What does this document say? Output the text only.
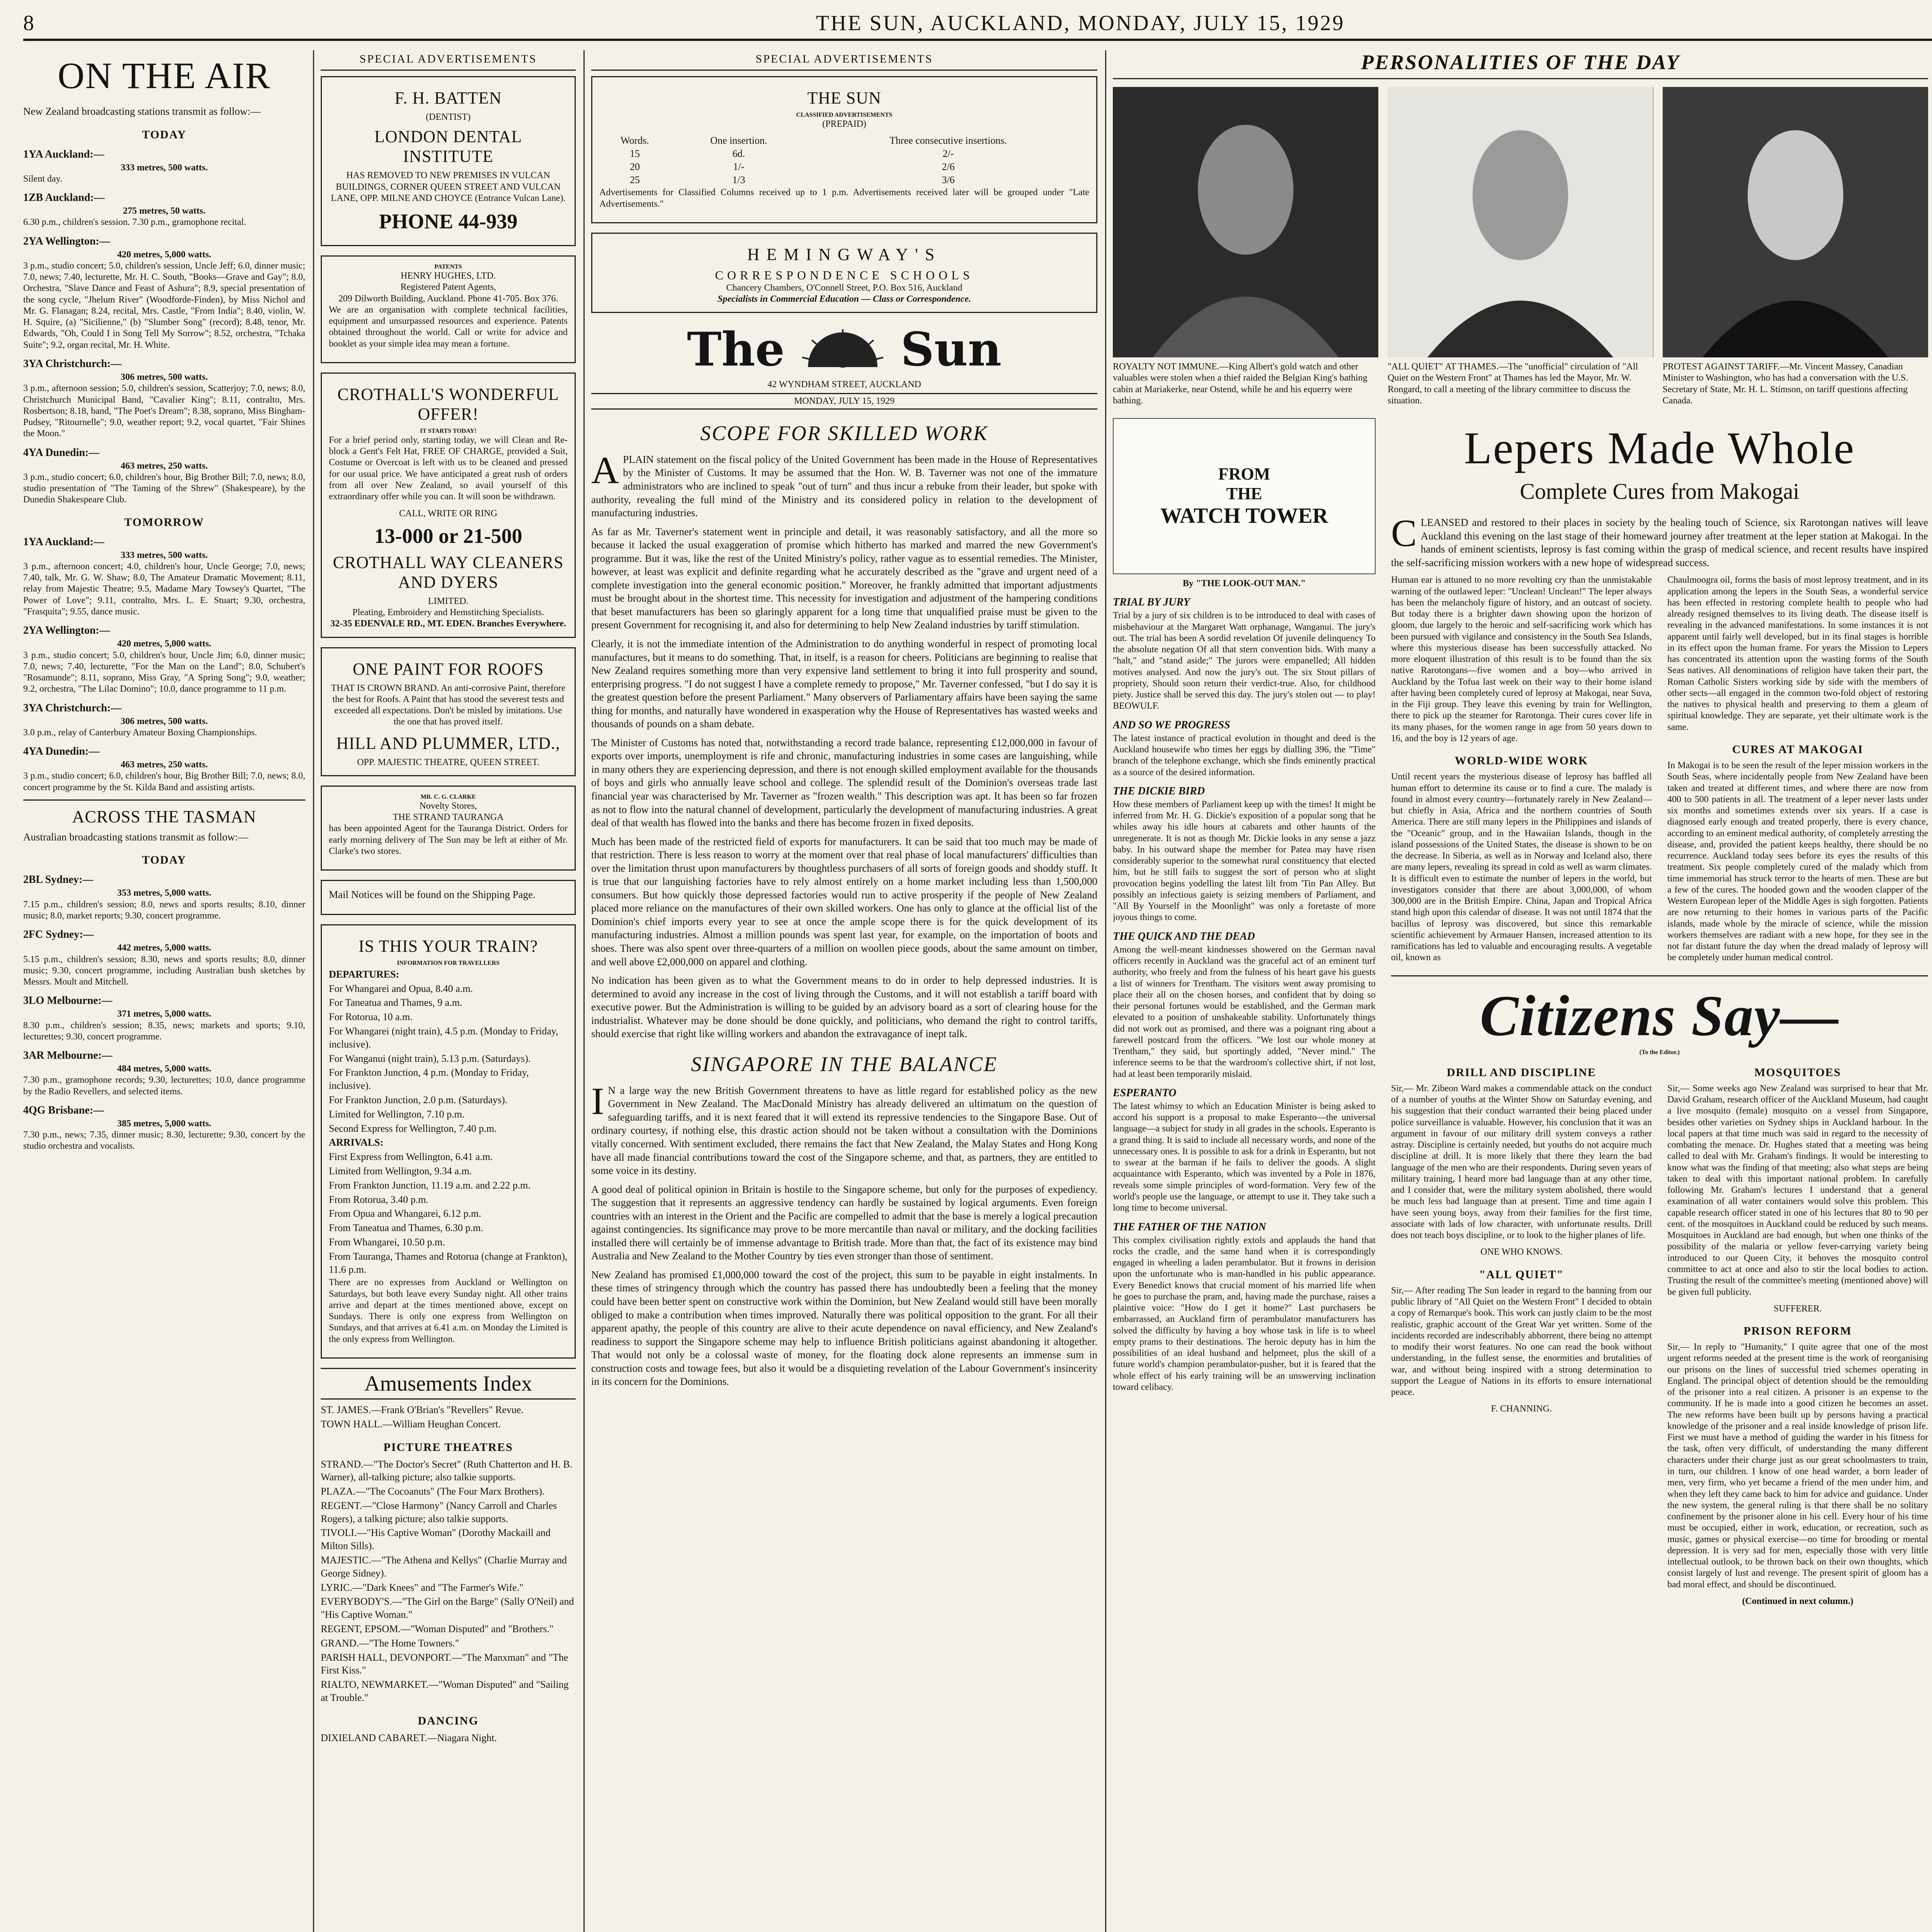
8	THE SUN, AUCKLAND, MONDAY, JULY 15, 1929
ON THE AIR
New Zealand broadcasting stations transmit as follow:—
TODAY
1YA Auckland:—
333 metres, 500 watts.
Silent day.
1ZB Auckland:—
275 metres, 50 watts.
6.30 p.m., children's session. 7.30 p.m., gramophone recital.
2YA Wellington:—
420 metres, 5,000 watts.
3 p.m., studio concert; 5.0, children's session, Uncle Jeff; 6.0, dinner music; 7.0, news; 7.40, lecturette, Mr. H. C. South, "Books—Grave and Gay"; 8.0, Orchestra, "Slave Dance and Feast of Ashura"; 8.9, special presentation of the song cycle, "Jhelum River" (Woodforde-Finden), by Miss Nichol and Mr. G. Flanagan; 8.24, recital, Mrs. Castle, "From India"; 8.40, violin, W. H. Squire, (a) "Sicilienne," (b) "Slumber Song" (record); 8.48, tenor, Mr. Edwards, "Oh, Could I in Song Tell My Sorrow"; 8.52, orchestra, "Tchaka Suite"; 9.2, organ recital, Mr. H. White.
3YA Christchurch:—
306 metres, 500 watts.
3 p.m., afternoon session; 5.0, children's session, Scatterjoy; 7.0, news; 8.0, Christchurch Municipal Band, "Cavalier King"; 8.11, contralto, Mrs. Rosbertson; 8.18, band, "The Poet's Dream"; 8.38, soprano, Miss Bingham-Pudsey, "Ritournelle"; 9.0, weather report; 9.2, vocal quartet, "Fair Shines the Moon."
4YA Dunedin:—
463 metres, 250 watts.
3 p.m., studio concert; 6.0, children's hour, Big Brother Bill; 7.0, news; 8.0, studio presentation of "The Taming of the Shrew" (Shakespeare), by the Dunedin Shakespeare Club.
TOMORROW
1YA Auckland:—
333 metres, 500 watts.
3 p.m., afternoon concert; 4.0, children's hour, Uncle George; 7.0, news; 7.40, talk, Mr. G. W. Shaw; 8.0, The Amateur Dramatic Movement; 8.11, relay from Majestic Theatre; 9.5, Madame Mary Towsey's Quartet, "The Power of Love"; 9.11, contralto, Mrs. L. E. Stuart; 9.30, orchestra, "Frasquita"; 9.55, dance music.
2YA Wellington:—
420 metres, 5,000 watts.
3 p.m., studio concert; 5.0, children's hour, Uncle Jim; 6.0, dinner music; 7.0, news; 7.40, lecturette, "For the Man on the Land"; 8.0, Schubert's "Rosamunde"; 8.11, soprano, Miss Gray, "A Spring Song"; 9.0, weather; 9.2, orchestra, "The Lilac Domino"; 10.0, dance programme to 11 p.m.
3YA Christchurch:—
306 metres, 500 watts.
3.0 p.m., relay of Canterbury Amateur Boxing Championships.
4YA Dunedin:—
463 metres, 250 watts.
3 p.m., studio concert; 6.0, children's hour, Big Brother Bill; 7.0, news; 8.0, concert programme by the St. Kilda Band and assisting artists.
ACROSS THE TASMAN
Australian broadcasting stations transmit as follow:—
TODAY
2BL Sydney:—
353 metres, 5,000 watts.
7.15 p.m., children's session; 8.0, news and sports results; 8.10, dinner music; 8.0, market reports; 9.30, concert programme.
2FC Sydney:—
442 metres, 5,000 watts.
5.15 p.m., children's session; 8.30, news and sports results; 8.0, dinner music; 9.30, concert programme, including Australian bush sketches by Messrs. Moult and Mitchell.
3LO Melbourne:—
371 metres, 5,000 watts.
8.30 p.m., children's session; 8.35, news; markets and sports; 9.10, lecturettes; 9.30, concert programme.
3AR Melbourne:—
484 metres, 5,000 watts.
7.30 p.m., gramophone records; 9.30, lecturettes; 10.0, dance programme by the Radio Revellers, and selected items.
4QG Brisbane:—
385 metres, 5,000 watts.
7.30 p.m., news; 7.35, dinner music; 8.30, lecturette; 9.30, concert by the studio orchestra and vocalists.
SPECIAL ADVERTISEMENTS
F. H. BATTEN
(DENTIST)
LONDON DENTAL INSTITUTE
HAS REMOVED TO NEW PREMISES IN VULCAN BUILDINGS, CORNER QUEEN STREET AND VULCAN LANE, OPP. MILNE AND CHOYCE (Entrance Vulcan Lane).
PHONE 44-939
PATENTS
HENRY HUGHES, LTD.
Registered Patent Agents,
209 Dilworth Building, Auckland. Phone 41-705. Box 376.
We are an organisation with complete technical facilities, equipment and unsurpassed resources and experience. Patents obtained throughout the world. Call or write for advice and booklet as your simple idea may mean a fortune.
CROTHALL'S WONDERFUL OFFER!
IT STARTS TODAY!
For a brief period only, starting today, we will Clean and Re-block a Gent's Felt Hat, FREE OF CHARGE, provided a Suit, Costume or Overcoat is left with us to be cleaned and pressed for our usual price. We have anticipated a great rush of orders from all over New Zealand, so avail yourself of this extraordinary offer while you can. It will soon be withdrawn.
CALL, WRITE OR RING
13-000 or 21-500
CROTHALL WAY CLEANERS AND DYERS
LIMITED.
Pleating, Embroidery and Hemstitching Specialists.
32-35 EDENVALE RD., MT. EDEN. Branches Everywhere.
ONE PAINT FOR ROOFS
THAT IS CROWN BRAND. An anti-corrosive Paint, therefore the best for Roofs. A Paint that has stood the severest tests and exceeded all expectations. Don't be misled by imitations. Use the one that has proved itself.
HILL AND PLUMMER, LTD.,
OPP. MAJESTIC THEATRE, QUEEN STREET.
MR. C. G. CLARKE
Novelty Stores,
THE STRAND TAURANGA
has been appointed Agent for the Tauranga District. Orders for early morning delivery of The Sun may be left at either of Mr. Clarke's two stores.
Mail Notices will be found on the Shipping Page.
IS THIS YOUR TRAIN?
INFORMATION FOR TRAVELLERS
DEPARTURES:
For Whangarei and Opua, 8.40 a.m.
For Taneatua and Thames, 9 a.m.
For Rotorua, 10 a.m.
For Whangarei (night train), 4.5 p.m. (Monday to Friday, inclusive).
For Wanganui (night train), 5.13 p.m. (Saturdays).
For Frankton Junction, 4 p.m. (Monday to Friday, inclusive).
For Frankton Junction, 2.0 p.m. (Saturdays).
Limited for Wellington, 7.10 p.m.
Second Express for Wellington, 7.40 p.m.
ARRIVALS:
First Express from Wellington, 6.41 a.m.
Limited from Wellington, 9.34 a.m.
From Frankton Junction, 11.19 a.m. and 2.22 p.m.
From Rotorua, 3.40 p.m.
From Opua and Whangarei, 6.12 p.m.
From Taneatua and Thames, 6.30 p.m.
From Whangarei, 10.50 p.m.
From Tauranga, Thames and Rotorua (change at Frankton), 11.6 p.m.
There are no expresses from Auckland or Wellington on Saturdays, but both leave every Sunday night. All other trains arrive and depart at the times mentioned above, except on Sundays. There is only one express from Wellington on Sundays, and that arrives at 6.41 a.m. on Monday the Limited is the only express from Wellington.
Amusements Index
ST. JAMES.—Frank O'Brian's "Revellers" Revue.
TOWN HALL.—William Heughan Concert.
PICTURE THEATRES
STRAND.—"The Doctor's Secret" (Ruth Chatterton and H. B. Warner), all-talking picture; also talkie supports.
PLAZA.—"The Cocoanuts" (The Four Marx Brothers).
REGENT.—"Close Harmony" (Nancy Carroll and Charles Rogers), a talking picture; also talkie supports.
TIVOLI.—"His Captive Woman" (Dorothy Mackaill and Milton Sills).
MAJESTIC.—"The Athena and Kellys" (Charlie Murray and George Sidney).
LYRIC.—"Dark Knees" and "The Farmer's Wife."
EVERYBODY'S.—"The Girl on the Barge" (Sally O'Neil) and "His Captive Woman."
REGENT, EPSOM.—"Woman Disputed" and "Brothers."
GRAND.—"The Home Towners."
PARISH HALL, DEVONPORT.—"The Manxman" and "The First Kiss."
RIALTO, NEWMARKET.—"Woman Disputed" and "Sailing at Trouble."
DANCING
DIXIELAND CABARET.—Niagara Night.
SPECIAL ADVERTISEMENTS
THE SUN
CLASSIFIED ADVERTISEMENTS
(PREPAID)
Words.	One insertion.	Three consecutive insertions.
15	6d.	2/-
20	1/-	2/6
25	1/3	3/6
Advertisements for Classified Columns received up to 1 p.m. Advertisements received later will be grouped under "Late Advertisements."
HEMINGWAY'S
CORRESPONDENCE SCHOOLS
Chancery Chambers, O'Connell Street, P.O. Box 516, Auckland
Specialists in Commercial Education — Class or Correspondence.
The	Sun
42 WYNDHAM STREET, AUCKLAND
MONDAY, JULY 15, 1929
SCOPE FOR SKILLED WORK
APLAIN statement on the fiscal policy of the United Government has been made in the House of Representatives by the Minister of Customs. It may be assumed that the Hon. W. B. Taverner was not one of the immature administrators who are inclined to speak "out of turn" and thus incur a rebuke from their leader, but spoke with authority, revealing the full mind of the Ministry and its considered policy in relation to the development of manufacturing industries.
As far as Mr. Taverner's statement went in principle and detail, it was reasonably satisfactory, and all the more so because it lacked the usual exaggeration of promise which hitherto has marked and marred the new Government's programme. But it was, like the rest of the United Ministry's policy, rather vague as to essential remedies. The Minister, however, at least was explicit and definite regarding what he accurately described as the "grave and urgent need of a complete investigation into the general economic position." Moreover, he frankly admitted that important adjustments must be brought about in the shortest time. This necessity for investigation and adjustment of the hampering conditions that beset manufacturers has been so glaringly apparent for a long time that unqualified praise must be given to the present Government for recognising it, and also for determining to help New Zealand industries by tariff stimulation.
Clearly, it is not the immediate intention of the Administration to do anything wonderful in respect of promoting local manufactures, but it means to do something. That, in itself, is a reason for cheers. Politicians are beginning to realise that New Zealand requires something more than very expensive land settlement to bring it into full prosperity and sound, enterprising progress. "I do not suggest I have a complete remedy to propose," Mr. Taverner confessed, "but I do say it is the greatest question before the present Parliament." Many observers of Parliamentary affairs have been saying the same thing for months, and naturally have wondered in exasperation why the House of Representatives has wasted weeks and thousands of pounds on a sham debate.
The Minister of Customs has noted that, notwithstanding a record trade balance, representing £12,000,000 in favour of exports over imports, unemployment is rife and chronic, manufacturing industries in some cases are languishing, while in many others they are experiencing depression, and there is not enough skilled employment available for the thousands of boys and girls who annually leave school and college. The splendid result of the Dominion's overseas trade last financial year was characterised by Mr. Taverner as "frozen wealth." This description was apt. It has been so far frozen as not to flow into the natural channel of development, particularly the development of manufacturing industries. A great deal of that wealth has flowed into the banks and there has become frozen in fixed deposits.
Much has been made of the restricted field of exports for manufacturers. It can be said that too much may be made of that restriction. There is less reason to worry at the moment over that real phase of local manufacturers' difficulties than over the limitation thrust upon manufacturers by thoughtless purchasers of all sorts of foreign goods and shoddy stuff. It is true that our languishing factories have to rely almost entirely on a home market including less than 1,500,000 consumers. But how quickly those depressed factories would run to active prosperity if the people of New Zealand placed more reliance on the manufactures of their own skilled workers. One has only to glance at the official list of the Dominion's chief imports every year to see at once the ample scope there is for the quick development of its manufacturing industries. Almost a million pounds was spent last year, for example, on the importation of boots and shoes. There was also spent over three-quarters of a million on woollen piece goods, about the same amount on timber, and well above £2,000,000 on apparel and clothing.
No indication has been given as to what the Government means to do in order to help depressed industries. It is determined to avoid any increase in the cost of living through the Customs, and it will not establish a tariff board with executive power. But the Administration is willing to be guided by an advisory board as a sort of clearing house for the industrialist. Whatever may be done should be done quickly, and politicians, who demand the right to control tariffs, should exercise that right like willing workers and abandon the extravagance of inept talk.
SINGAPORE IN THE BALANCE
I N a large way the new British Government threatens to have as little regard for established policy as the new Government in New Zealand. The MacDonald Ministry has already delivered an ultimatum on the question of safeguarding tariffs, and it is next feared that it will extend its repressive tendencies to the Singapore Base. Out of ordinary courtesy, if nothing else, this drastic action should not be taken without a consultation with the Dominions vitally concerned. With sentiment excluded, there remains the fact that New Zealand, the Malay States and Hong Kong have all made financial contributions toward the cost of the Singapore scheme, and that, as partners, they are entitled to some voice in its destiny.
A good deal of political opinion in Britain is hostile to the Singapore scheme, but only for the purposes of expediency. The suggestion that it represents an aggressive tendency can hardly be sustained by logical arguments. Even foreign countries with an interest in the Orient and the Pacific are compelled to admit that the base is merely a logical precaution against contingencies. Its significance may prove to be more mercantile than naval or military, and the docking facilities installed there will certainly be of immense advantage to British trade. More than that, the fact of its existence may bind Australia and New Zealand to the Mother Country by ties even stronger than those of sentiment.
New Zealand has promised £1,000,000 toward the cost of the project, this sum to be payable in eight instalments. In these times of stringency through which the country has passed there has undoubtedly been a feeling that the money could have been better spent on constructive work within the Dominion, but New Zealand would still have been morally obliged to make a contribution when times improved. Naturally there was political opposition to the grant. For all their apparent apathy, the people of this country are alive to their acute dependence on naval efficiency, and New Zealand's readiness to support the Singapore scheme may help to influence British politicians against abandoning it altogether. That would not only be a colossal waste of money, for the floating dock alone represents an immense sum in construction costs and towage fees, but also it would be a disquieting revelation of the Labour Government's insincerity in its concern for the Dominions.
PERSONALITIES OF THE DAY
ROYALTY NOT IMMUNE.—King Albert's gold watch and other valuables were stolen when a thief raided the Belgian King's bathing cabin at Mariakerke, near Ostend, while he and his equerry were bathing.
"ALL QUIET" AT THAMES.—The "unofficial" circulation of "All Quiet on the Western Front" at Thames has led the Mayor, Mr. W. Rongard, to call a meeting of the library committee to discuss the situation.
PROTEST AGAINST TARIFF.—Mr. Vincent Massey, Canadian Minister to Washington, who has had a conversation with the U.S. Secretary of State, Mr. H. L. Stimson, on tariff questions affecting Canada.
FROM
THE
WATCH TOWER
By "THE LOOK-OUT MAN."
TRIAL BY JURY
Trial by a jury of six children is to be introduced to deal with cases of misbehaviour at the Margaret Watt orphanage, Wanganui. The jury's out. The trial has been A sordid revelation Of juvenile delinquency To the absolute negation Of all that stern convention bids. With many a "halt," and "stand aside;" The jurors were empanelled; All hidden motives analysed. And now the jury's out. The six Stout pillars of propriety, Should soon return their verdict-true. Also, for childhood piety. Justice shall be served this day. The jury's stolen out — to play! BEOWULF.
AND SO WE PROGRESS
The latest instance of practical evolution in thought and deed is the Auckland housewife who times her eggs by dialling 396, the "Time" branch of the telephone exchange, which she finds eminently practical as a source of the desired information.
THE DICKIE BIRD
How these members of Parliament keep up with the times! It might be inferred from Mr. H. G. Dickie's exposition of a popular song that he whiles away his idle hours at cabarets and other haunts of the unregenerate. It is not as though Mr. Dickie looks in any sense a jazz baby. In his outward shape the member for Patea may have risen considerably superior to the somewhat rural constituency that elected him, but he still fails to suggest the sort of person who at slight provocation begins yodelling the latest lilt from 'Tin Pan Alley. But possibly an infectious gaiety is seizing members of Parliament, and "All By Yourself in the Moonlight" was only a foretaste of more joyous things to come.
THE QUICK AND THE DEAD
Among the well-meant kindnesses showered on the German naval officers recently in Auckland was the graceful act of an eminent turf authority, who freely and from the fulness of his heart gave his guests a list of winners for Trentham. The visitors went away promising to place their all on the chosen horses, and confident that by doing so their personal fortunes would be established, and the German mark elevated to a position of unshakeable stability. Unfortunately things did not work out as promised, and there was a poignant ring about a farewell postcard from the officers. "We lost our whole money at Trentham," they said, but sportingly added, "Never mind." The inference seems to be that the wardroom's collective shirt, if not lost, had at least been temporarily mislaid.
ESPERANTO
The latest whimsy to which an Education Minister is being asked to accord his support is a proposal to make Esperanto—the universal language—a subject for study in all grades in the schools. Esperanto is a grand thing. It is said to include all necessary words, and none of the unnecessary ones. It is possible to ask for a drink in Esperanto, but not to swear at the barman if he fails to deliver the goods. A slight acquaintance with Esperanto, which was invented by a Pole in 1876, reveals some simple principles of word-formation. Very few of the world's people use the language, or attempt to use it. They take such a long time to become universal.
THE FATHER OF THE NATION
This complex civilisation rightly extols and applauds the hand that rocks the cradle, and the same hand when it is correspondingly engaged in wheeling a laden perambulator. But it frowns in derision upon the unfortunate who is man-handled in his public appearance. Every Benedict knows that crucial moment of his married life when he goes to purchase the pram, and, having made the purchase, raises a plaintive voice: "How do I get it home?" Last purchasers be embarrassed, an Auckland firm of perambulator manufacturers has solved the difficulty by having a boy whose task in life is to wheel empty prams to their destinations. The heroic deputy has in him the possibilities of an ideal husband and helpmeet, plus the skill of a future world's champion perambulator-pusher, but it is feared that the whole effect of his early training will be an unswerving inclination toward celibacy.
Lepers Made Whole
Complete Cures from Makogai
CLEANSED and restored to their places in society by the healing touch of Science, six Rarotongan natives will leave Auckland this evening on the last stage of their homeward journey after treatment at the leper station at Makogai. In the hands of eminent scientists, leprosy is fast coming within the grasp of medical science, and recent results have inspired the self-sacrificing mission workers with a new hope of widespread success.
Human ear is attuned to no more revolting cry than the unmistakable warning of the outlawed leper: "Unclean! Unclean!" The leper always has been the melancholy figure of history, and an outcast of society. But today there is a brighter dawn showing upon the horizon of gloom, due largely to the heroic and self-sacrificing work which has been pursued with vigilance and consistency in the South Sea Islands, where this mysterious disease has been successfully attacked. No more eloquent illustration of this result is to be found than the six native Rarotongans—five women and a boy—who arrived in Auckland by the Tofua last week on their way to their home island after having been completely cured of leprosy at Makogai, near Suva, in the Fiji group. They leave this evening by train for Wellington, there to pick up the steamer for Rarotonga. Their cures cover life in its many phases, for the women range in age from 50 years down to 16, and the boy is 12 years of age.
WORLD-WIDE WORK
Until recent years the mysterious disease of leprosy has baffled all human effort to determine its cause or to find a cure. The malady is found in almost every country—fortunately rarely in New Zealand—but chiefly in Asia, Africa and the northern countries of South America. There are still many lepers in the Philippines and islands of the "Oceanic" group, and in the Hawaiian Islands, though in the island possessions of the United States, the disease is shown to be on the decrease. In Siberia, as well as in Norway and Iceland also, there are many lepers, revealing its spread in cold as well as warm climates. It is difficult even to estimate the number of lepers in the world, but investigators consider that there are about 3,000,000, of whom 300,000 are in the British Empire. China, Japan and Tropical Africa stand high upon this calendar of disease. It was not until 1874 that the bacillus of leprosy was discovered, but since this remarkable scientific achievement by Armauer Hansen, increased attention to its ramifications has led to valuable and encouraging results. A vegetable oil, known as
Chaulmoogra oil, forms the basis of most leprosy treatment, and in its application among the lepers in the South Seas, a wonderful service has been effected in restoring complete health to people who had already resigned themselves to its living death. The disease itself is revealing in the advanced manifestations. In some instances it is not apparent until fairly well developed, but in its final stages is horrible in its effect upon the human frame. For years the Mission to Lepers has concentrated its attention upon the wasting forms of the South Seas natives. All denominations of religion have taken their part, the Roman Catholic Sisters working side by side with the members of other sects—all engaged in the common two-fold object of restoring the natives to physical health and preserving to them a gleam of spiritual knowledge. They are separate, yet their ultimate work is the same.
CURES AT MAKOGAI
In Makogai is to be seen the result of the leper mission workers in the South Seas, where incidentally people from New Zealand have been taken and treated at different times, and where there are now from 400 to 500 patients in all. The treatment of a leper never lasts under six months and sometimes extends over six years. If a case is diagnosed early enough and treated properly, there is every chance, according to an eminent medical authority, of completely arresting the disease, and, provided the patient keeps healthy, there should be no recurrence. Auckland today sees before its eyes the results of this treatment. Six people completely cured of the malady which from time immemorial has struck terror to the hearts of men. These are but a few of the cures. The hooded gown and the wooden clapper of the Western European leper of the Middle Ages is sigh forgotten. Patients are now returning to their homes in various parts of the Pacific islands, made whole by the miracle of science, while the mission workers themselves are radiant with a new hope, for they see in the not far distant future the day when the dread malady of leprosy will be completely under human medical control.
Citizens Say—
(To the Editor.)
DRILL AND DISCIPLINE
Sir,— Mr. Zibeon Ward makes a commendable attack on the conduct of a number of youths at the Winter Show on Saturday evening, and his suggestion that their conduct warranted their being placed under police surveillance is valuable. However, his conclusion that it was an argument in favour of our military drill system conveys a rather astray. Discipline is certainly needed, but youths do not acquire much discipline at drill. It is more likely that there they learn the bad language of the men who are their respondents. During seven years of military training, I heard more bad language than at any other time, and I consider that, were the military system abolished, there would be much less bad language than at present. Time and time again I have seen young boys, away from their families for the first time, associate with lads of low character, with unfortunate results. Drill does not teach boys discipline, or to look to the higher planes of life.
ONE WHO KNOWS.
"ALL QUIET"
Sir,— After reading The Sun leader in regard to the banning from our public library of "All Quiet on the Western Front" I decided to obtain a copy of Remarque's book. This work can justly claim to be the most realistic, graphic account of the Great War yet written. Some of the incidents recorded are indescribably abhorrent, there being no attempt to modify their worst features. No one can read the book without understanding, in the fullest sense, the enormities and brutalities of war, and without being inspired with a strong determination to support the League of Nations in its efforts to ensure international peace.
F. CHANNING.
MOSQUITOES
Sir,— Some weeks ago New Zealand was surprised to hear that Mr. David Graham, research officer of the Auckland Museum, had caught a live mosquito (female) mosquito on a vessel from Singapore, besides other varieties on Sydney ships in Auckland harbour. In the local papers at that time much was said in regard to the necessity of combating the menace. Dr. Hughes stated that a meeting was being called to deal with Mr. Graham's findings. It would be interesting to know what was the finding of that meeting; also what steps are being taken to deal with this important national problem. In carefully following Mr. Graham's lectures I understand that a general examination of all water containers would solve this problem. This capable research officer stated in one of his lectures that 80 to 90 per cent. of the mosquitoes in Auckland could be reduced by such means. Mosquitoes in Auckland are bad enough, but when one thinks of the possibility of the malaria or yellow fever-carrying variety being introduced to our Queen City, it behoves the mosquito control committee to act at once and also to stir the local bodies to action. Trusting the result of the committee's meeting (mentioned above) will be given full publicity.
SUFFERER.
PRISON REFORM
Sir,— In reply to "Humanity," I quite agree that one of the most urgent reforms needed at the present time is the work of reorganising our prisons on the lines of successful tried schemes operating in England. The principal object of detention should be the remoulding of the prisoner into a real citizen. A prisoner is an expense to the community. If he is made into a good citizen he becomes an asset. The new reforms have been built up by persons having a practical knowledge of the prisoner and a real inside knowledge of prison life. First we must have a method of guiding the warder in his fitness for the task, often very difficult, of understanding the many different characters under their charge just as our great schoolmasters to train, in turn, our children. I know of one head warder, a born leader of men, very firm, who yet became a friend of the men under him, and when they left they came back to him for advice and guidance. Under the new system, the general ruling is that there shall be no solitary confinement by the prisoner alone in his cell. Every hour of his time must be occupied, either in work, education, or recreation, such as music, games or physical exercise—no time for brooding or mental depression. It is very sad for men, especially those with very little intellectual outlook, to be thrown back on their own thoughts, which consist largely of lust and revenge. The present spirit of gloom has a bad moral effect, and should be discontinued.
(Continued in next column.)
